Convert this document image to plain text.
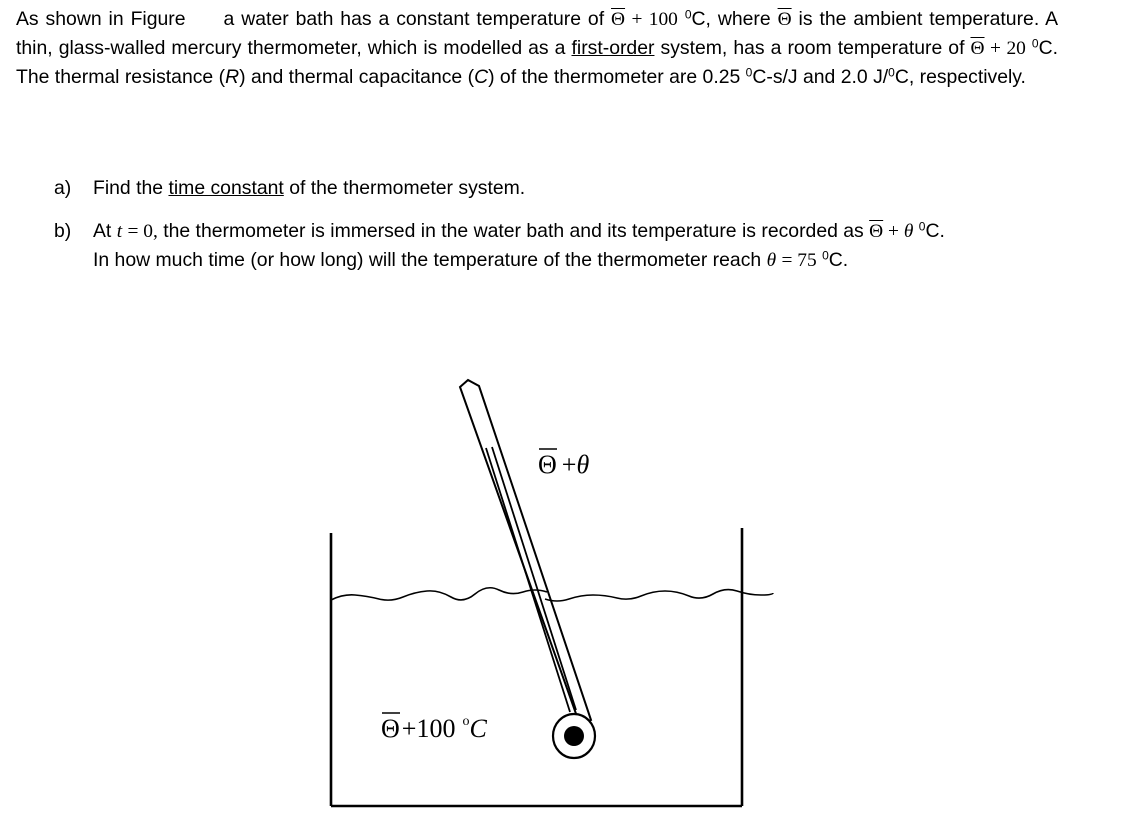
As shown in Figure a water bath has a constant temperature of $\overline{\Theta} + 100$ $^0$C, where $\overline{\Theta}$ is the ambient temperature. A thin, glass-walled mercury thermometer, which is modelled as a first-order system, has a room temperature of $\overline{\Theta} + 20$ $^0$C. The thermal resistance (R) and thermal capacitance (C) of the thermometer are 0.25 $^0$C-s/J and 2.0 J/$^0$C, respectively.
a)	Find the time constant of the thermometer system.
b)	At t = 0, the thermometer is immersed in the water bath and its temperature is recorded as $\overline{\Theta} + \theta$ $^0$C.
In how much time (or how long) will the temperature of the thermometer reach θ = 75 $^0$C.
Θ +θ
Θ+100 $^o$C
